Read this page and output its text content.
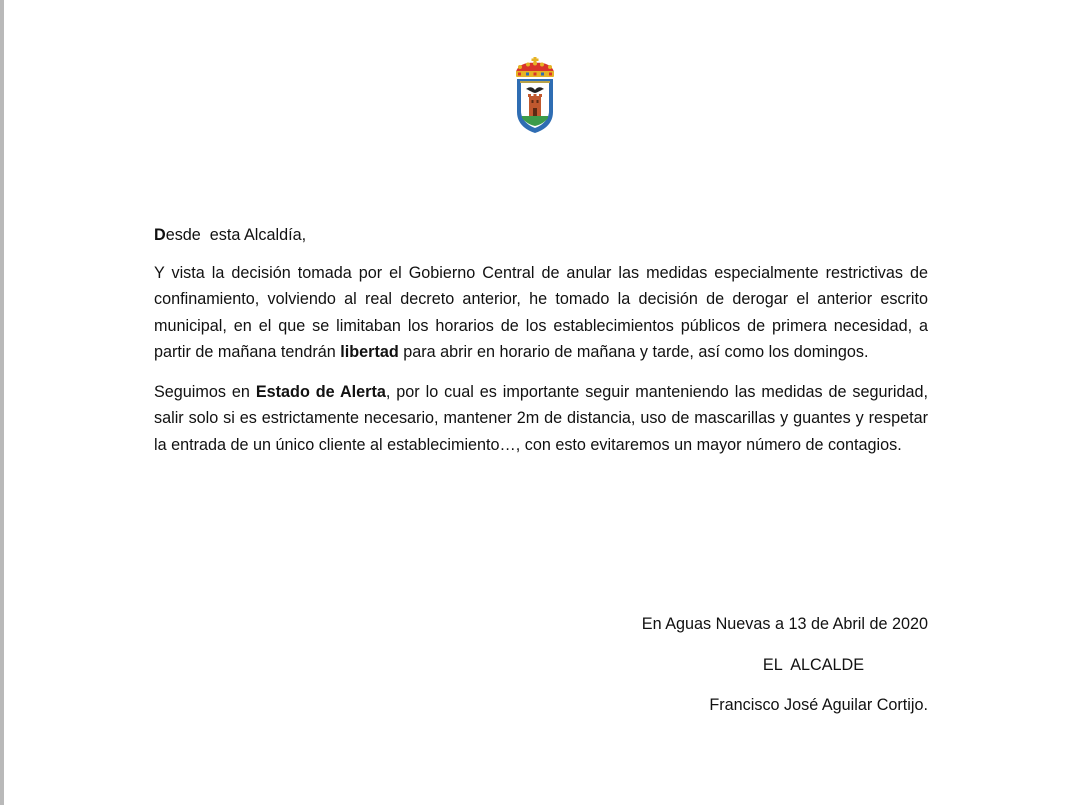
Desde  esta Alcaldía,

Y vista la decisión tomada por el Gobierno Central de anular las medidas especialmente restrictivas de confinamiento, volviendo al real decreto anterior, he tomado la decisión de derogar el anterior escrito municipal, en el que se limitaban los horarios de los establecimientos públicos de primera necesidad, a partir de mañana tendrán libertad para abrir en horario de mañana y tarde, así como los domingos.

Seguimos en Estado de Alerta, por lo cual es importante seguir manteniendo las medidas de seguridad, salir solo si es estrictamente necesario, mantener 2m de distancia, uso de mascarillas y guantes y respetar la entrada de un único cliente al establecimiento…, con esto evitaremos un mayor número de contagios.

En Aguas Nuevas a 13 de Abril de 2020
EL  ALCALDE
Francisco José Aguilar Cortijo.
